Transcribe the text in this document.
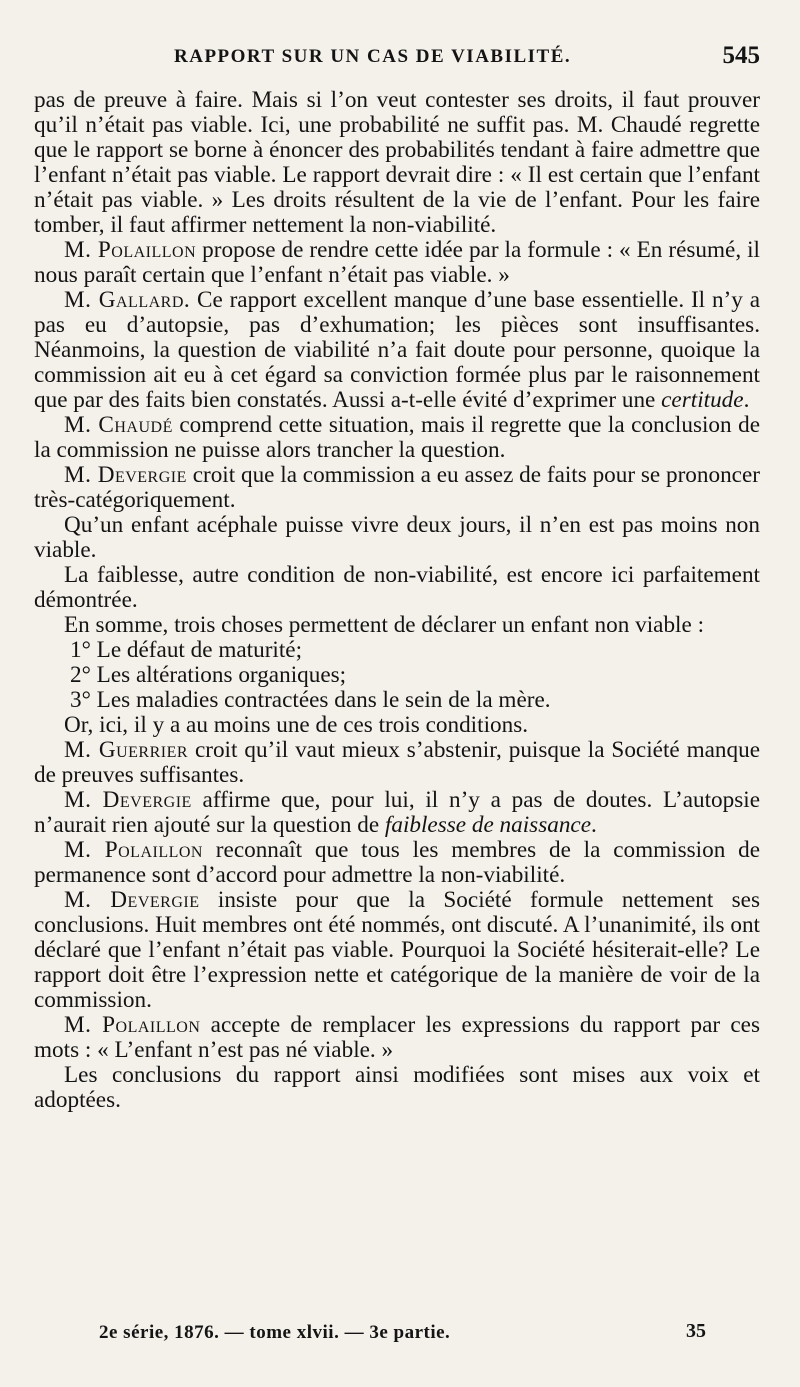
RAPPORT SUR UN CAS DE VIABILITÉ.	545

pas de preuve à faire. Mais si l’on veut contester ses droits, il faut prouver qu’il n’était pas viable. Ici, une probabilité ne suffit pas. M. Chaudé regrette que le rapport se borne à énoncer des probabilités tendant à faire admettre que l’enfant n’était pas viable. Le rapport devrait dire : « Il est certain que l’enfant n’était pas viable. » Les droits résultent de la vie de l’enfant. Pour les faire tomber, il faut affirmer nettement la non-viabilité.

M. Polaillon propose de rendre cette idée par la formule : « En résumé, il nous paraît certain que l’enfant n’était pas viable. »

M. Gallard. Ce rapport excellent manque d’une base essentielle. Il n’y a pas eu d’autopsie, pas d’exhumation; les pièces sont insuffisantes. Néanmoins, la question de viabilité n’a fait doute pour personne, quoique la commission ait eu à cet égard sa conviction formée plus par le raisonnement que par des faits bien constatés. Aussi a-t-elle évité d’exprimer une certitude.

M. Chaudé comprend cette situation, mais il regrette que la conclusion de la commission ne puisse alors trancher la question.

M. Devergie croit que la commission a eu assez de faits pour se prononcer très-catégoriquement.

Qu’un enfant acéphale puisse vivre deux jours, il n’en est pas moins non viable.

La faiblesse, autre condition de non-viabilité, est encore ici parfaitement démontrée.

En somme, trois choses permettent de déclarer un enfant non viable :

1° Le défaut de maturité;

2° Les altérations organiques;

3° Les maladies contractées dans le sein de la mère.

Or, ici, il y a au moins une de ces trois conditions.

M. Guerrier croit qu’il vaut mieux s’abstenir, puisque la Société manque de preuves suffisantes.

M. Devergie affirme que, pour lui, il n’y a pas de doutes. L’autopsie n’aurait rien ajouté sur la question de faiblesse de naissance.

M. Polaillon reconnaît que tous les membres de la commission de permanence sont d’accord pour admettre la non-viabilité.

M. Devergie insiste pour que la Société formule nettement ses conclusions. Huit membres ont été nommés, ont discuté. A l’unanimité, ils ont déclaré que l’enfant n’était pas viable. Pourquoi la Société hésiterait-elle? Le rapport doit être l’expression nette et catégorique de la manière de voir de la commission.

M. Polaillon accepte de remplacer les expressions du rapport par ces mots : « L’enfant n’est pas né viable. »

Les conclusions du rapport ainsi modifiées sont mises aux voix et adoptées.

2e série, 1876. — tome xlvii. — 3e partie.	35
